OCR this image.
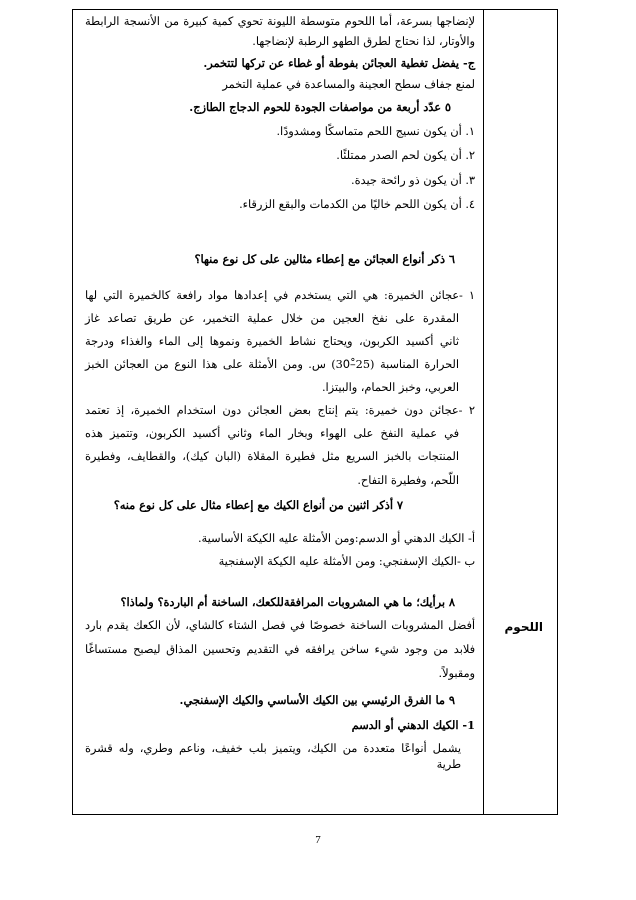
اللحوم
لإنضاجها بسرعة، أما اللحوم متوسطة الليونة تحوي كمية كبيرة من الأنسجة الرابطة
والأوتار، لذا نحتاج لطرق الطهو الرطبة لإنضاجها.
ج- يفضل تغطية العجائن بفوطة أو غطاء عن تركها لتتخمر.
لمنع جفاف سطح العجينة والمساعدة في عملية التخمر
٥ عدّد أربعة من مواصفات الجودة للحوم الدجاج الطازج.
١. أن يكون نسيج اللحم متماسكًا ومشدودًا.
٢. أن يكون لحم الصدر ممتلئًا.
٣. أن يكون ذو رائحة جيدة.
٤. أن يكون اللحم خاليًا من الكدمات والبقع الزرقاء.
٦ ذكر أنواع العجائن مع إعطاء مثالين على كل نوع منها؟
١ -عجائن الخميرة: هي التي يستخدم في إعدادها مواد رافعة كالخميرة التي لها
المقدرة على نفخ العجين من خلال عملية التخمير، عن طريق تصاعد غاز
ثاني أكسيد الكربون، ويحتاج نشاط الخميرة ونموها إلى الماء والغذاء ودرجة
الحرارة المناسبة (25–30ْ) س. ومن الأمثلة على هذا النوع من العجائن الخبز
العربي، وخبز الحمام، والبيتزا.
٢ -عجائن دون خميرة: يتم إنتاج بعض العجائن دون استخدام الخميرة، إذ تعتمد
في عملية النفخ على الهواء وبخار الماء وثاني أكسيد الكربون، وتتميز هذه
المنتجات بالخبز السريع مثل فطيرة المقلاة (البان كيك)، والقطايف، وفطيرة
اللّحم، وفطيرة التفاح.
٧ أذكر اثنين من أنواع الكيك مع إعطاء مثال على كل نوع منه؟
أ- الكيك الدهني أو الدسم:ومن الأمثلة عليه الكيكة الأساسية.
ب -الكيك الإسفنجي: ومن الأمثلة عليه الكيكة الإسفنجية
٨ برأيك؛ ما هي المشروبات المرافقةللكعك، الساخنة أم الباردة؟ ولماذا؟
أفضل المشروبات الساخنة خصوصًا في فصل الشتاء كالشاي، لأن الكعك يقدم بارد
فلابد من وجود شيء ساخن يرافقه في التقديم وتحسين المذاق ليصبح مستساغًا
ومقبولاً.
٩ ما الفرق الرئيسي بين الكيك الأساسي والكيك الإسفنجي.
1- الكيك الدهني أو الدسم
يشمل أنواعًا متعددة من الكيك، ويتميز بلب خفيف، وناعم وطري، وله قشرة طرية
7
